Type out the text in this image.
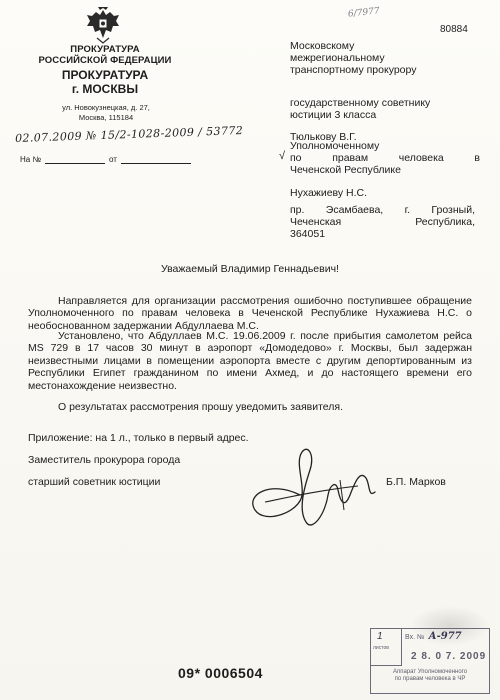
ПРОКУРАТУРА
РОССИЙСКОЙ ФЕДЕРАЦИИ
ПРОКУРАТУРА
г. МОСКВЫ
ул. Новокузнецкая, д. 27,
Москва, 115184
02.07.2009 № 15/2-1028-2009 / 53772
6/7977
80884
На №	от
Московскому
межрегиональному
транспортному прокурору
государственному советнику
юстиции 3 класса
Тюлькову В.Г.
√
Уполномоченному
по правам человека в
Чеченской Республике
Нухажиеву Н.С.
пр. Эсамбаева, г. Грозный,
Чеченская Республика,
364051
Уважаемый Владимир Геннадьевич!
Направляется для организации рассмотрения ошибочно поступившее обращение Уполномоченного по правам человека в Чеченской Республике Нухажиева Н.С. о необоснованном задержании Абдуллаева М.С.
Установлено, что Абдуллаев М.С. 19.06.2009 г. после прибытия самолетом рейса MS 729 в 17 часов 30 минут в аэропорт «Домодедово» г. Москвы, был задержан неизвестными лицами в помещении аэропорта вместе с другим депортированным из Республики Египет гражданином по имени Ахмед, и до настоящего времени его местонахождение неизвестно.
О результатах рассмотрения прошу уведомить заявителя.
Приложение: на 1 л., только в первый адрес.
Заместитель прокурора города
старший советник юстиции	Б.П. Марков
09* 0006504
1
листов
Вх. № А-977
2 8. 0 7. 2009
Аппарат Уполномоченного
по правам человека в ЧР
